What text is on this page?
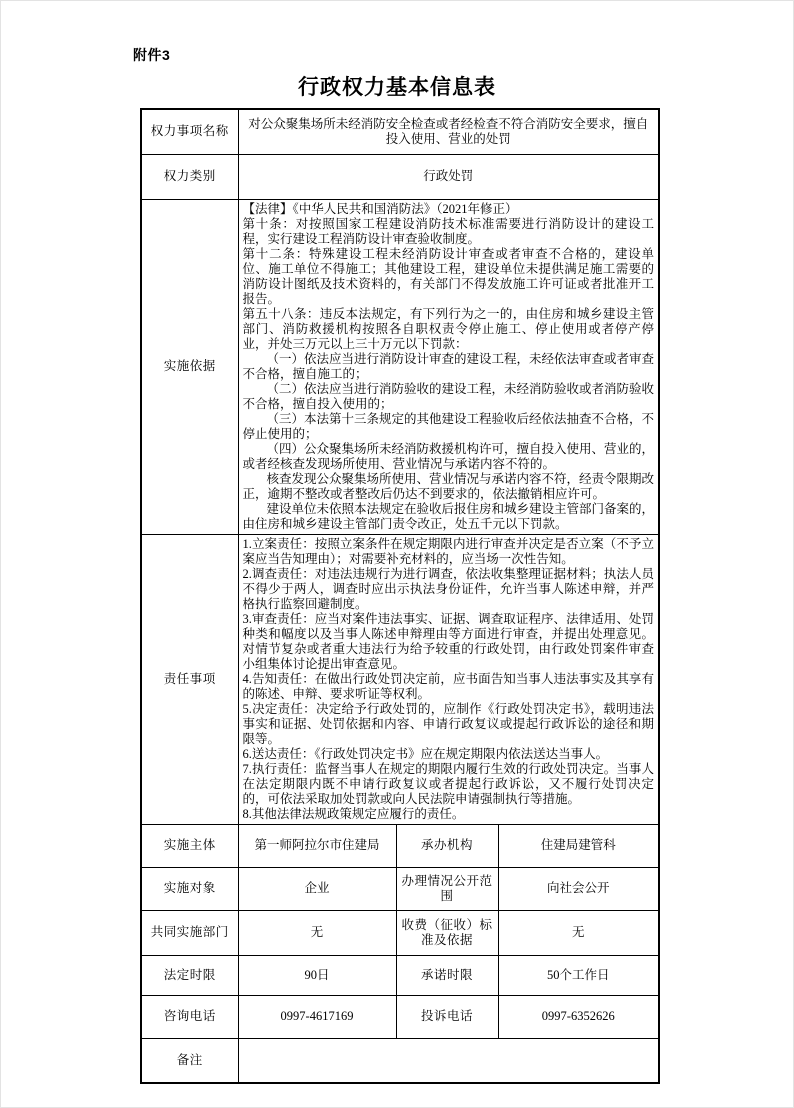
附件3
行政权力基本信息表
权力事项名称	对公众聚集场所未经消防安全检查或者经检查不符合消防安全要求，擅自投入使用、营业的处罚		
权力类别	行政处罚		
实施依据	

【法律】《中华人民共和国消防法》（2021年修正）

第十条：对按照国家工程建设消防技术标准需要进行消防设计的建设工程，实行建设工程消防设计审查验收制度。

第十二条：特殊建设工程未经消防设计审查或者审查不合格的，建设单位、施工单位不得施工；其他建设工程，建设单位未提供满足施工需要的消防设计图纸及技术资料的，有关部门不得发放施工许可证或者批准开工报告。

第五十八条：违反本法规定，有下列行为之一的，由住房和城乡建设主管部门、消防救援机构按照各自职权责令停止施工、停止使用或者停产停业，并处三万元以上三十万元以下罚款：

（一）依法应当进行消防设计审查的建设工程，未经依法审查或者审查不合格，擅自施工的；

（二）依法应当进行消防验收的建设工程，未经消防验收或者消防验收不合格，擅自投入使用的；

（三）本法第十三条规定的其他建设工程验收后经依法抽查不合格，不停止使用的；

（四）公众聚集场所未经消防救援机构许可，擅自投入使用、营业的，或者经核查发现场所使用、营业情况与承诺内容不符的。

核查发现公众聚集场所使用、营业情况与承诺内容不符，经责令限期改正，逾期不整改或者整改后仍达不到要求的，依法撤销相应许可。

建设单位未依照本法规定在验收后报住房和城乡建设主管部门备案的，由住房和城乡建设主管部门责令改正，处五千元以下罚款。

责任事项	

1.立案责任：按照立案条件在规定期限内进行审查并决定是否立案（不予立案应当告知理由）；对需要补充材料的，应当场一次性告知。

2.调查责任：对违法违规行为进行调查，依法收集整理证据材料；执法人员不得少于两人，调查时应出示执法身份证件，允许当事人陈述申辩，并严格执行监察回避制度。

3.审查责任：应当对案件违法事实、证据、调查取证程序、法律适用、处罚种类和幅度以及当事人陈述申辩理由等方面进行审查，并提出处理意见。对情节复杂或者重大违法行为给予较重的行政处罚，由行政处罚案件审查小组集体讨论提出审查意见。

4.告知责任：在做出行政处罚决定前，应书面告知当事人违法事实及其享有的陈述、申辩、要求听证等权利。

5.决定责任：决定给予行政处罚的，应制作《行政处罚决定书》，载明违法事实和证据、处罚依据和内容、申请行政复议或提起行政诉讼的途径和期限等。

6.送达责任：《行政处罚决定书》应在规定期限内依法送达当事人。

7.执行责任：监督当事人在规定的期限内履行生效的行政处罚决定。当事人在法定期限内既不申请行政复议或者提起行政诉讼，又不履行处罚决定的，可依法采取加处罚款或向人民法院申请强制执行等措施。

8.其他法律法规政策规定应履行的责任。

实施主体	第一师阿拉尔市住建局	承办机构	住建局建管科
实施对象	企业	办理情况公开范围	向社会公开
共同实施部门	无	收费（征收）标准及依据	无
法定时限	90日	承诺时限	50个工作日
咨询电话	0997-4617169	投诉电话	0997-6352626
备注			
